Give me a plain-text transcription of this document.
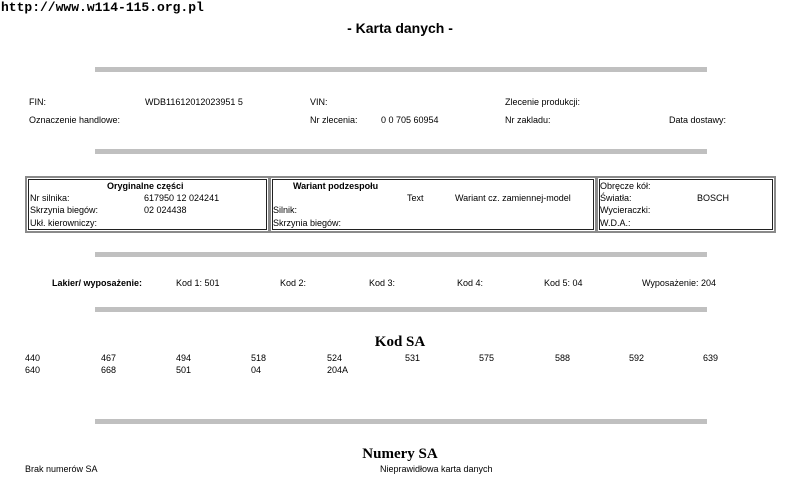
http://www.w114-115.org.pl
- Karta danych -
FIN:	WDB11612012023951 5	VIN:	Zlecenie produkcji:
Oznaczenie handlowe:	Nr zlecenia:	0 0 705 60954	Nr zakladu:	Data dostawy:
Oryginalne części
Nr silnika:	617950 12 024241
Skrzynia biegów:	02 024438
Ukł. kierowniczy:
Wariant podzespołu
Text	Wariant cz. zamiennej-model
Silnik:
Skrzynia biegów:
Obręcze kół:
Światła:	BOSCH
Wycieraczki:
W.D.A.:
Lakier/ wyposażenie:	Kod 1: 501	Kod 2:	Kod 3:	Kod 4:	Kod 5: 04	Wyposażenie: 204
Kod SA
440	467	494	518	524	531	575	588	592	639
640	668	501	04	204A
Numery SA
Brak numerów SA	Nieprawidłowa karta danych
